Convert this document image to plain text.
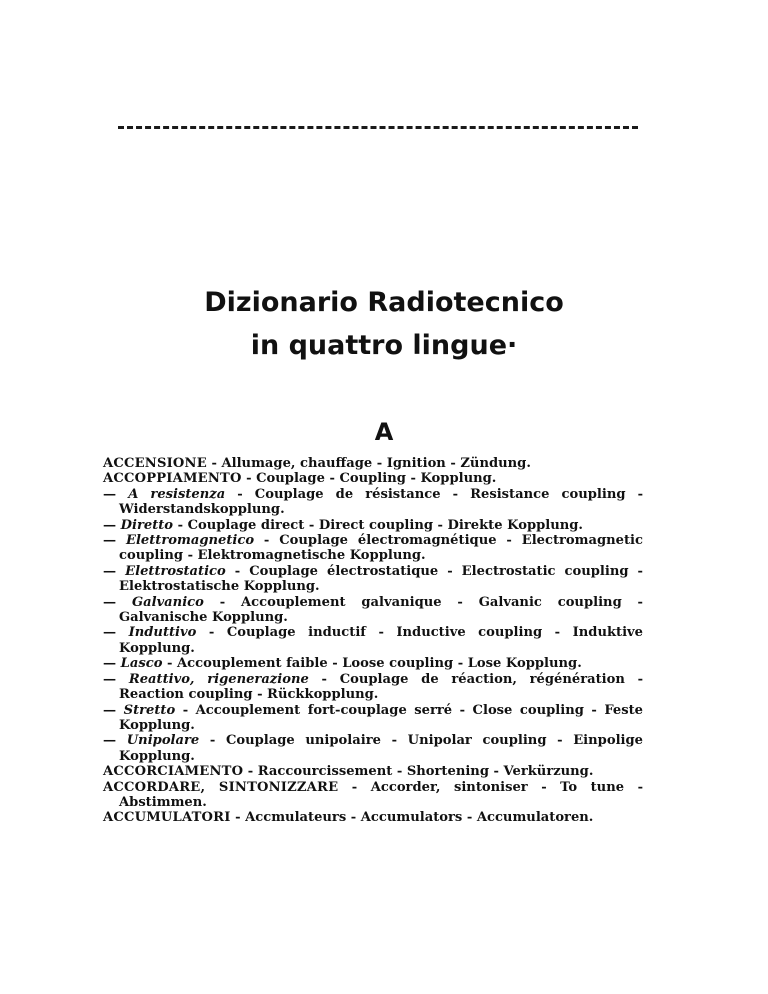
Dizionario Radiotecnico
in quattro lingue·
A
ACCENSIONE - Allumage, chauffage - Ignition - Zündung.
ACCOPPIAMENTO - Couplage - Coupling - Kopplung.
— A resistenza - Couplage de résistance - Resistance coupling - Widerstandskopplung.
— Diretto - Couplage direct - Direct coupling - Direkte Kopplung.
— Elettromagnetico - Couplage électromagnétique - Electromagnetic coupling - Elektromagnetische Kopplung.
— Elettrostatico - Couplage électrostatique - Electrostatic coupling - Elektrostatische Kopplung.
— Galvanico - Accouplement galvanique - Galvanic coupling - Galvanische Kopplung.
— Induttivo - Couplage inductif - Inductive coupling - Induktive Kopplung.
— Lasco - Accouplement faible - Loose coupling - Lose Kopplung.
— Reattivo, rigenerazione - Couplage de réaction, régénération - Reaction coupling - Rückkopplung.
— Stretto - Accouplement fort-couplage serré - Close coupling - Feste Kopplung.
— Unipolare - Couplage unipolaire - Unipolar coupling - Einpolige Kopplung.
ACCORCIAMENTO - Raccourcissement - Shortening - Verkürzung.
ACCORDARE, SINTONIZZARE - Accorder, sintoniser - To tune - Abstimmen.
ACCUMULATORI - Accmulateurs - Accumulators - Accumulatoren.
